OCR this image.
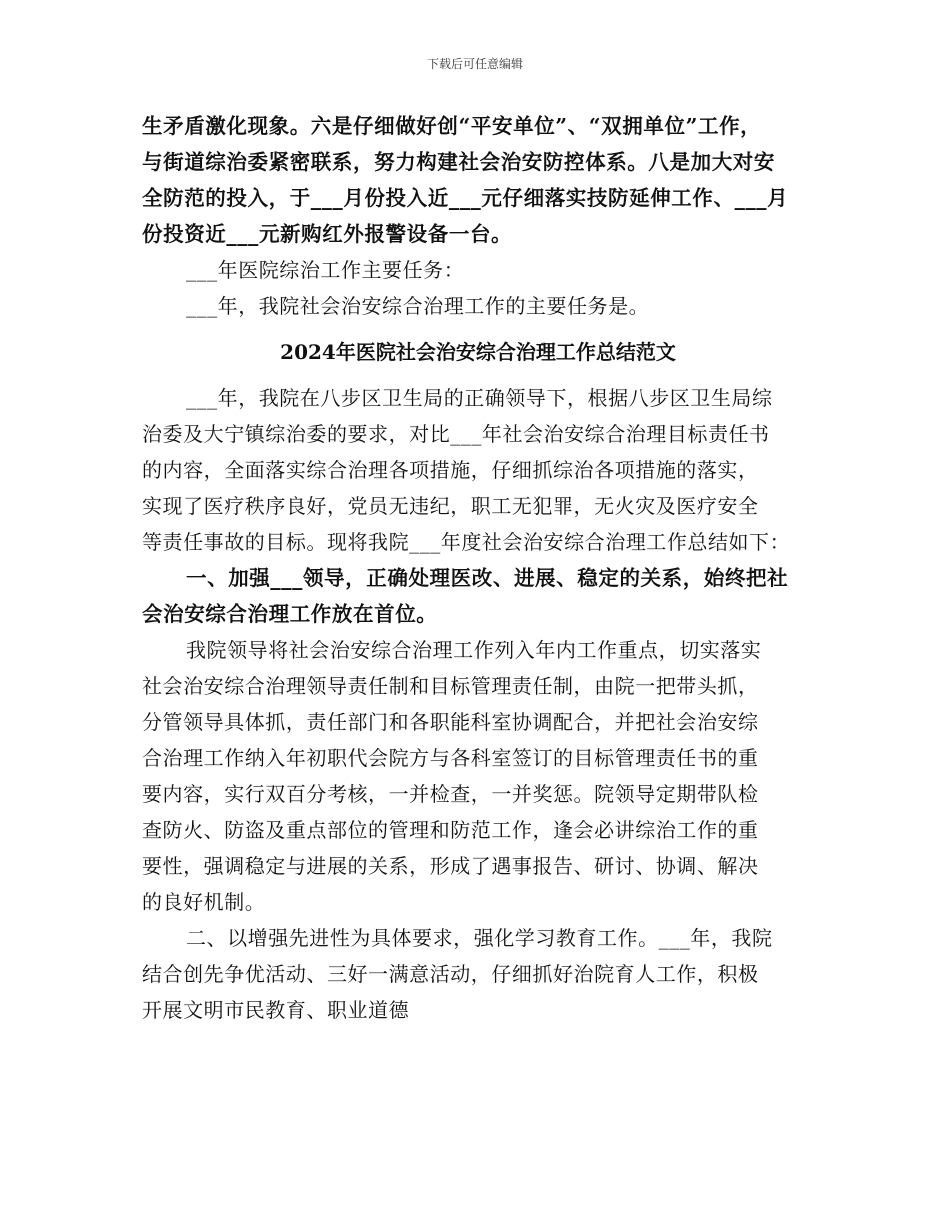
下载后可任意编辑
生矛盾激化现象。六是仔细做好创“平安单位”、“双拥单位”工作，
与街道综治委紧密联系，努力构建社会治安防控体系。八是加大对安
全防范的投入，于___月份投入近___元仔细落实技防延伸工作、___月
份投资近___元新购红外报警设备一台。
___年医院综治工作主要任务：
___年，我院社会治安综合治理工作的主要任务是。
2024年医院社会治安综合治理工作总结范文
___年，我院在八步区卫生局的正确领导下，根据八步区卫生局综
治委及大宁镇综治委的要求，对比___年社会治安综合治理目标责任书
的内容，全面落实综合治理各项措施，仔细抓综治各项措施的落实，
实现了医疗秩序良好，党员无违纪，职工无犯罪，无火灾及医疗安全
等责任事故的目标。现将我院___年度社会治安综合治理工作总结如下：
一、加强___领导，正确处理医改、进展、稳定的关系，始终把社
会治安综合治理工作放在首位。
我院领导将社会治安综合治理工作列入年内工作重点，切实落实
社会治安综合治理领导责任制和目标管理责任制，由院一把带头抓，
分管领导具体抓，责任部门和各职能科室协调配合，并把社会治安综
合治理工作纳入年初职代会院方与各科室签订的目标管理责任书的重
要内容，实行双百分考核，一并检查，一并奖惩。院领导定期带队检
查防火、防盗及重点部位的管理和防范工作，逢会必讲综治工作的重
要性，强调稳定与进展的关系，形成了遇事报告、研讨、协调、解决
的良好机制。
二、以增强先进性为具体要求，强化学习教育工作。___年，我院
结合创先争优活动、三好一满意活动，仔细抓好治院育人工作，积极
开展文明市民教育、职业道德
